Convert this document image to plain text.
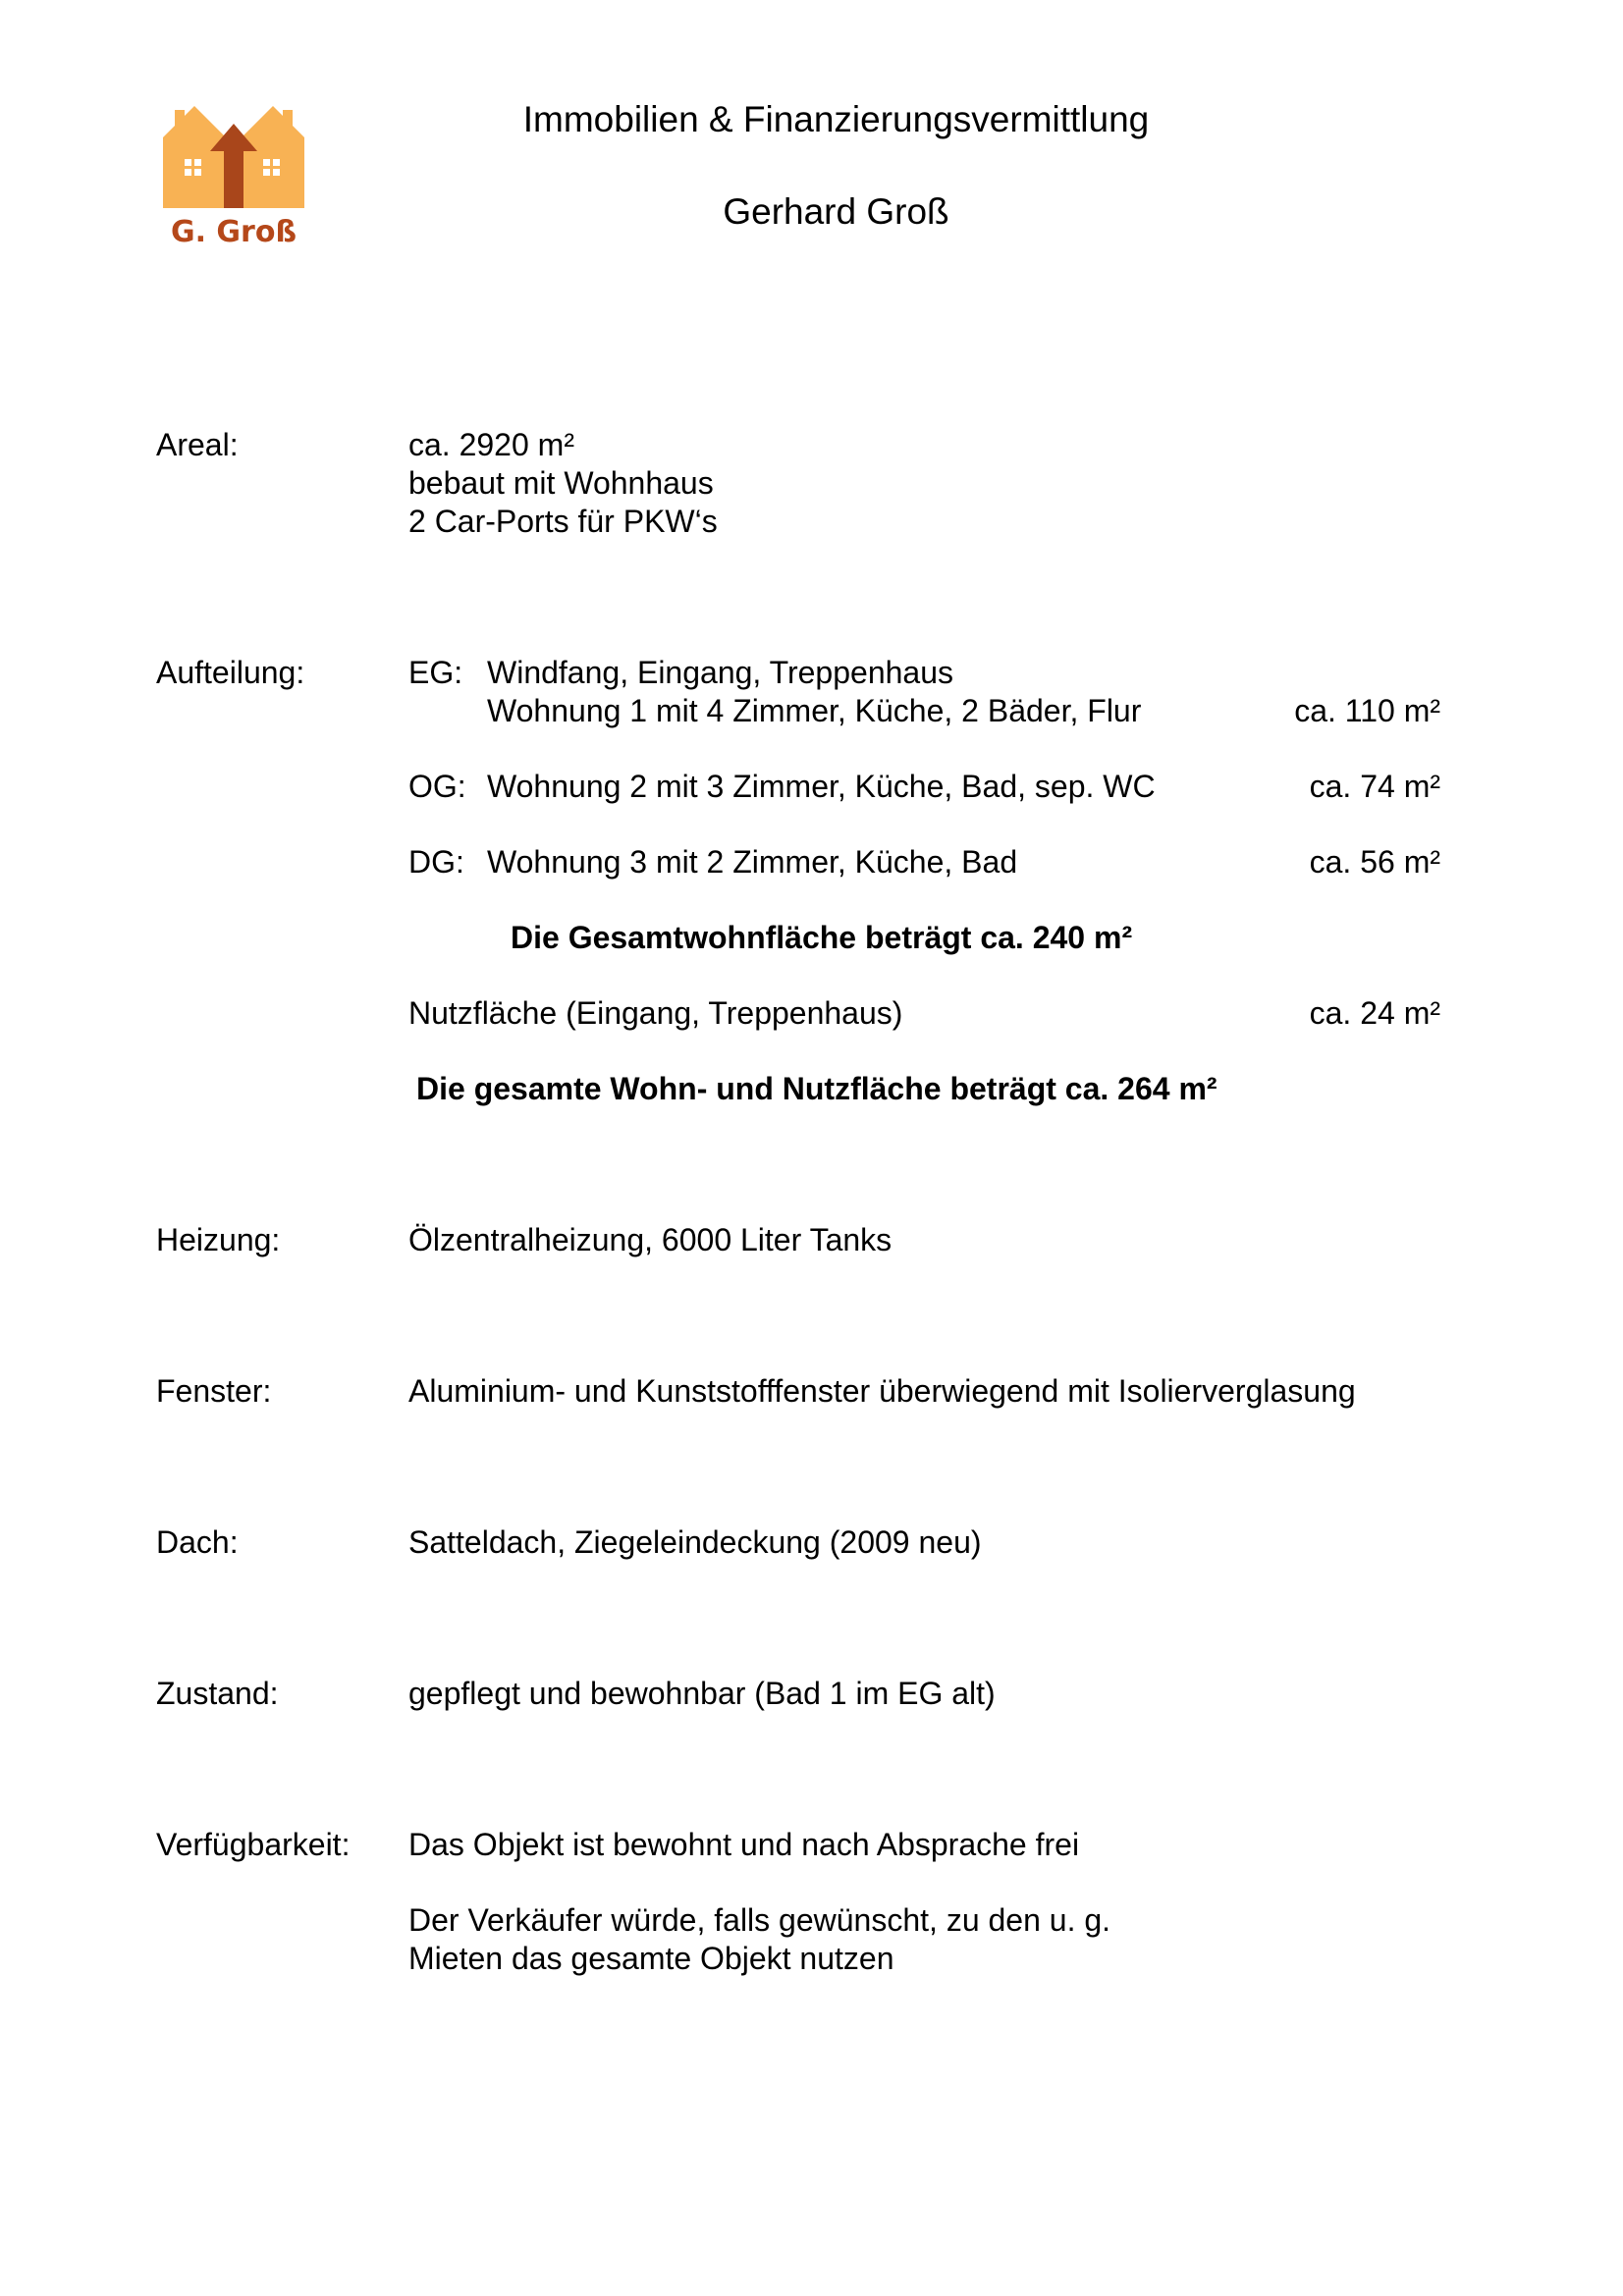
G. Groß
Immobilien & Finanzierungsvermittlung
Gerhard Groß
Areal:	ca. 2920 m²
bebaut mit Wohnhaus
2 Car-Ports für PKW‘s
Aufteilung:	EG: Windfang, Eingang, Treppenhaus
Wohnung 1 mit 4 Zimmer, Küche, 2 Bäder, Flur	ca. 110 m²
OG: Wohnung 2 mit 3 Zimmer, Küche, Bad, sep. WC	ca. 74 m²
DG: Wohnung 3 mit 2 Zimmer, Küche, Bad	ca. 56 m²
Die Gesamtwohnfläche beträgt ca. 240 m²
Nutzfläche (Eingang, Treppenhaus)	ca. 24 m²
Die gesamte Wohn- und Nutzfläche beträgt ca. 264 m²
Heizung:	Ölzentralheizung, 6000 Liter Tanks
Fenster:	Aluminium- und Kunststofffenster überwiegend mit Isolierverglasung
Dach:	Satteldach, Ziegeleindeckung (2009 neu)
Zustand:	gepflegt und bewohnbar (Bad 1 im EG alt)
Verfügbarkeit: Das Objekt ist bewohnt und nach Absprache frei
Der Verkäufer würde, falls gewünscht, zu den u. g.
Mieten das gesamte Objekt nutzen
